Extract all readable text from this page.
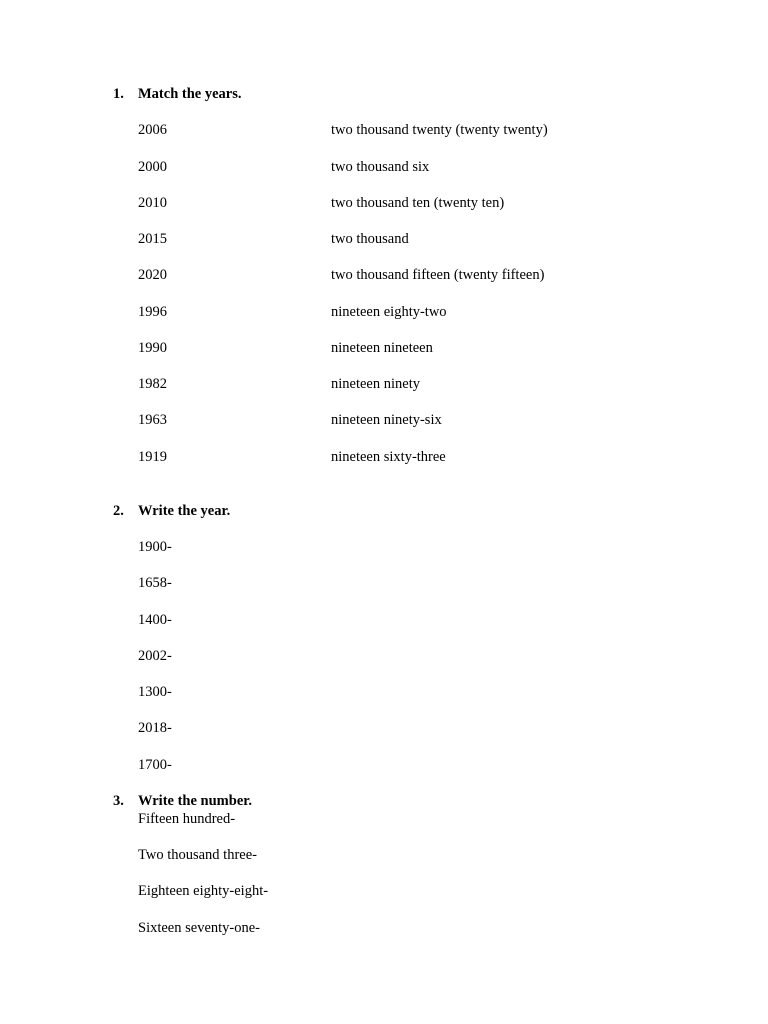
1. Match the years.
2006	two thousand twenty (twenty twenty)
2000	two thousand six
2010	two thousand ten (twenty ten)
2015	two thousand
2020	two thousand fifteen (twenty fifteen)
1996	nineteen eighty-two
1990	nineteen nineteen
1982	nineteen ninety
1963	nineteen ninety-six
1919	nineteen sixty-three
2. Write the year.
1900-
1658-
1400-
2002-
1300-
2018-
1700-
3. Write the number.
Fifteen hundred-
Two thousand three-
Eighteen eighty-eight-
Sixteen seventy-one-
